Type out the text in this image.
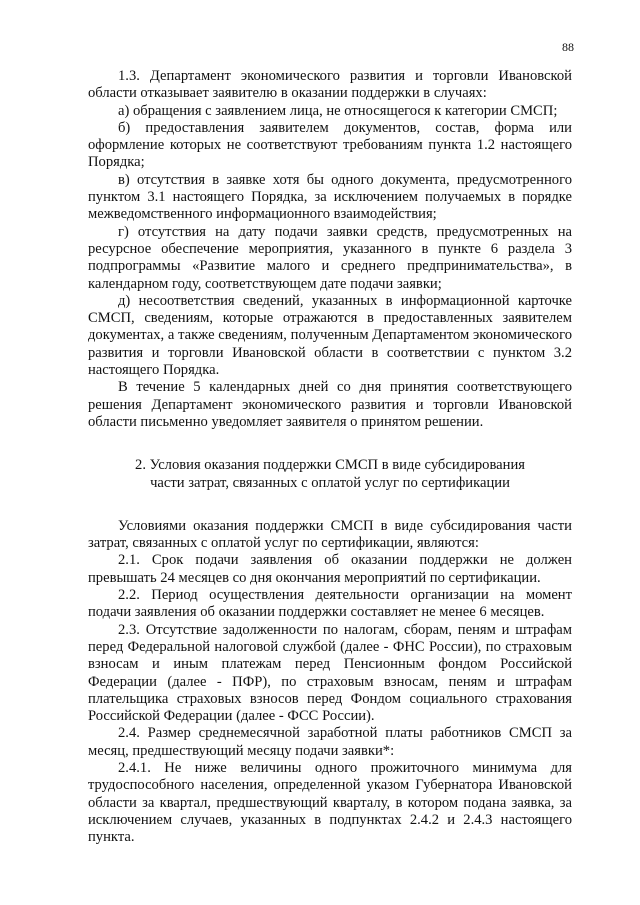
88

1.3. Департамент экономического развития и торговли Ивановской области отказывает заявителю в оказании поддержки в случаях:

а) обращения с заявлением лица, не относящегося к категории СМСП;

б) предоставления заявителем документов, состав, форма или оформление которых не соответствуют требованиям пункта 1.2 настоящего Порядка;

в) отсутствия в заявке хотя бы одного документа, предусмотренного пунктом 3.1 настоящего Порядка, за исключением получаемых в порядке межведомственного информационного взаимодействия;

г) отсутствия на дату подачи заявки средств, предусмотренных на ресурсное обеспечение мероприятия, указанного в пункте 6 раздела 3 подпрограммы «Развитие малого и среднего предпринимательства», в календарном году, соответствующем дате подачи заявки;

д) несоответствия сведений, указанных в информационной карточке СМСП, сведениям, которые отражаются в предоставленных заявителем документах, а также сведениям, полученным Департаментом экономического развития и торговли Ивановской области в соответствии с пунктом 3.2 настоящего Порядка.

В течение 5 календарных дней со дня принятия соответствующего решения Департамент экономического развития и торговли Ивановской области письменно уведомляет заявителя о принятом решении.

2. Условия оказания поддержки СМСП в виде субсидирования
части затрат, связанных с оплатой услуг по сертификации

Условиями оказания поддержки СМСП в виде субсидирования части затрат, связанных с оплатой услуг по сертификации, являются:

2.1. Срок подачи заявления об оказании поддержки не должен превышать 24 месяцев со дня окончания мероприятий по сертификации.

2.2. Период осуществления деятельности организации на момент подачи заявления об оказании поддержки составляет не менее 6 месяцев.

2.3. Отсутствие задолженности по налогам, сборам, пеням и штрафам перед Федеральной налоговой службой (далее - ФНС России), по страховым взносам и иным платежам перед Пенсионным фондом Российской Федерации (далее - ПФР), по страховым взносам, пеням и штрафам плательщика страховых взносов перед Фондом социального страхования Российской Федерации (далее - ФСС России).

2.4. Размер среднемесячной заработной платы работников СМСП за месяц, предшествующий месяцу подачи заявки*:

2.4.1. Не ниже величины одного прожиточного минимума для трудоспособного населения, определенной указом Губернатора Ивановской области за квартал, предшествующий кварталу, в котором подана заявка, за исключением случаев, указанных в подпунктах 2.4.2 и 2.4.3 настоящего пункта.
